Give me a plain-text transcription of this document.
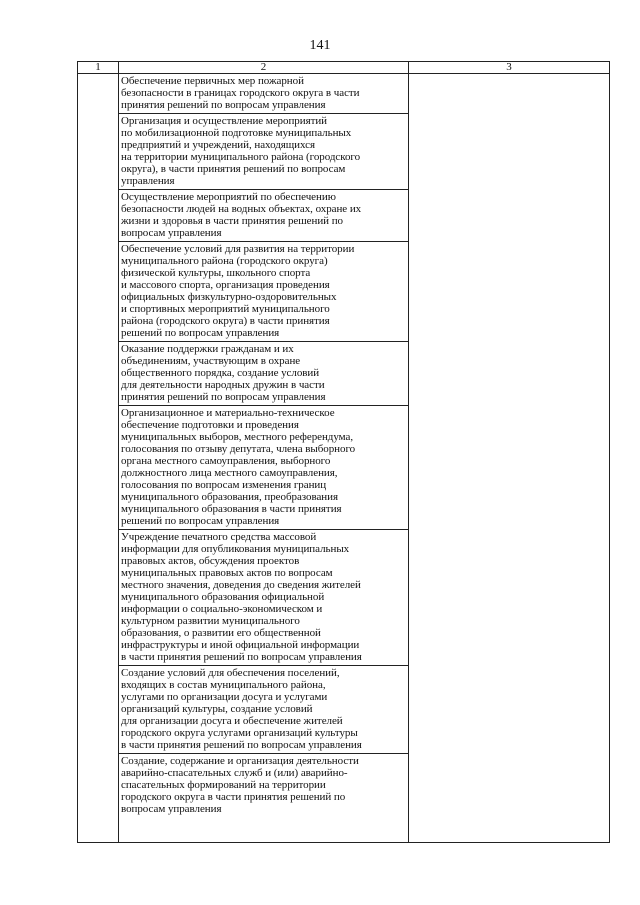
141
1	2	3

Обеспечение первичных мер пожарной
безопасности в границах городского округа в части
принятия решений по вопросам управления

Организация и осуществление мероприятий
по мобилизационной подготовке муниципальных
предприятий и учреждений, находящихся
на территории муниципального района (городского
округа), в части принятия решений по вопросам
управления

Осуществление мероприятий по обеспечению
безопасности людей на водных объектах, охране их
жизни и здоровья в части принятия решений по
вопросам управления

Обеспечение условий для развития на территории
муниципального района (городского округа)
физической культуры, школьного спорта
и массового спорта, организация проведения
официальных физкультурно-оздоровительных
и спортивных мероприятий муниципального
района (городского округа) в части принятия
решений по вопросам управления

Оказание поддержки гражданам и их
объединениям, участвующим в охране
общественного порядка, создание условий
для деятельности народных дружин в части
принятия решений по вопросам управления

Организационное и материально-техническое
обеспечение подготовки и проведения
муниципальных выборов, местного референдума,
голосования по отзыву депутата, члена выборного
органа местного самоуправления, выборного
должностного лица местного самоуправления,
голосования по вопросам изменения границ
муниципального образования, преобразования
муниципального образования в части принятия
решений по вопросам управления

Учреждение печатного средства массовой
информации для опубликования муниципальных
правовых актов, обсуждения проектов
муниципальных правовых актов по вопросам
местного значения, доведения до сведения жителей
муниципального образования официальной
информации о социально-экономическом и
культурном развитии муниципального
образования, о развитии его общественной
инфраструктуры и иной официальной информации
в части принятия решений по вопросам управления

Создание условий для обеспечения поселений,
входящих в состав муниципального района,
услугами по организации досуга и услугами
организаций культуры, создание условий
для организации досуга и обеспечение жителей
городского округа услугами организаций культуры
в части принятия решений по вопросам управления

Создание, содержание и организация деятельности
аварийно-спасательных служб и (или) аварийно-
спасательных формирований на территории
городского округа в части принятия решений по
вопросам управления
